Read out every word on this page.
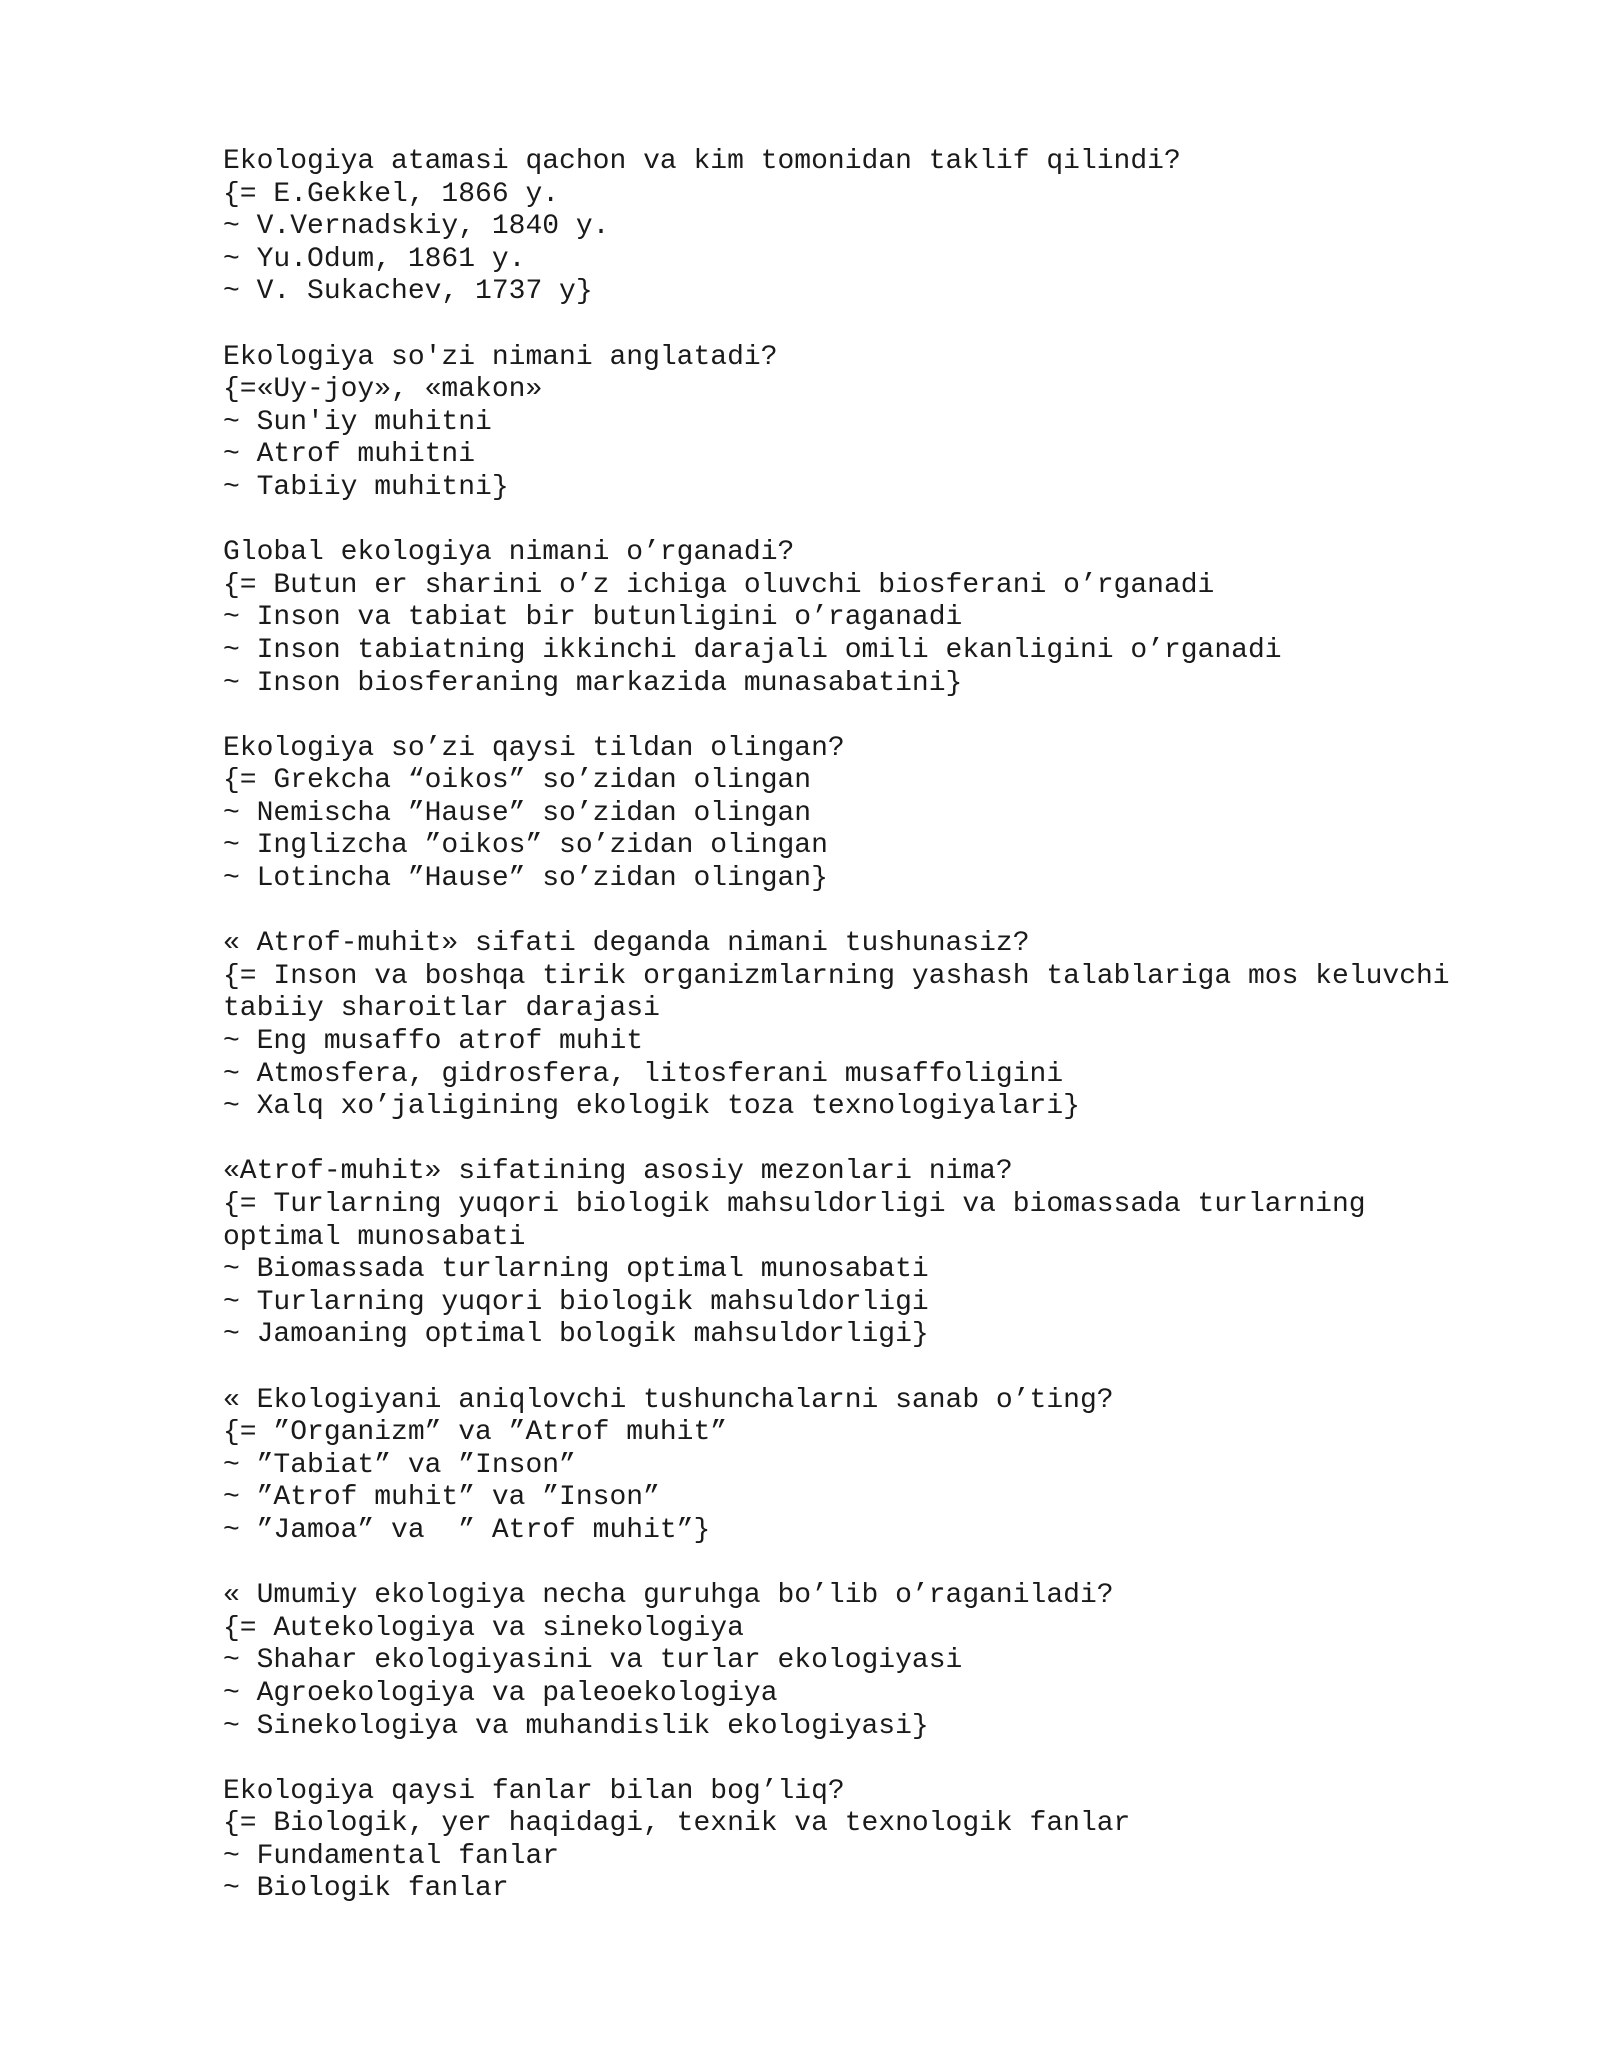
Ekologiya atamasi qachon va kim tomonidan taklif qilindi?
{= E.Gekkel, 1866 y.
~ V.Vernadskiy, 1840 y.
~ Yu.Odum, 1861 y.
~ V. Sukachev, 1737 y}
Ekologiya so'zi nimani anglatadi?
{=«Uy-joy», «makon»
~ Sun'iy muhitni
~ Atrof muhitni
~ Tabiiy muhitni}
Global ekologiya nimani o’rganadi?
{= Butun er sharini o’z ichiga oluvchi biosferani o’rganadi
~ Inson va tabiat bir butunligini o’raganadi
~ Inson tabiatning ikkinchi darajali omili ekanligini o’rganadi
~ Inson biosferaning markazida munasabatini}
Ekologiya so’zi qaysi tildan olingan?
{= Grekcha “oikos” so’zidan olingan
~ Nemischa ”Hause” so’zidan olingan
~ Inglizcha ”oikos” so’zidan olingan
~ Lotincha ”Hause” so’zidan olingan}
« Atrof-muhit» sifati deganda nimani tushunasiz?
{= Inson va boshqa tirik organizmlarning yashash talablariga mos keluvchi
tabiiy sharoitlar darajasi
~ Eng musaffo atrof muhit
~ Atmosfera, gidrosfera, litosferani musaffoligini
~ Xalq xo’jaligining ekologik toza texnologiyalari}
«Atrof-muhit» sifatining asosiy mezonlari nima?
{= Turlarning yuqori biologik mahsuldorligi va biomassada turlarning
optimal munosabati
~ Biomassada turlarning optimal munosabati
~ Turlarning yuqori biologik mahsuldorligi
~ Jamoaning optimal bologik mahsuldorligi}
« Ekologiyani aniqlovchi tushunchalarni sanab o’ting?
{= ”Organizm” va ”Atrof muhit”
~ ”Tabiat” va ”Inson”
~ ”Atrof muhit” va ”Inson”
~ ”Jamoa” va  ” Atrof muhit”}
« Umumiy ekologiya necha guruhga bo’lib o’raganiladi?
{= Autekologiya va sinekologiya
~ Shahar ekologiyasini va turlar ekologiyasi
~ Agroekologiya va paleoekologiya
~ Sinekologiya va muhandislik ekologiyasi}
Ekologiya qaysi fanlar bilan bog’liq?
{= Biologik, yer haqidagi, texnik va texnologik fanlar
~ Fundamental fanlar
~ Biologik fanlar
